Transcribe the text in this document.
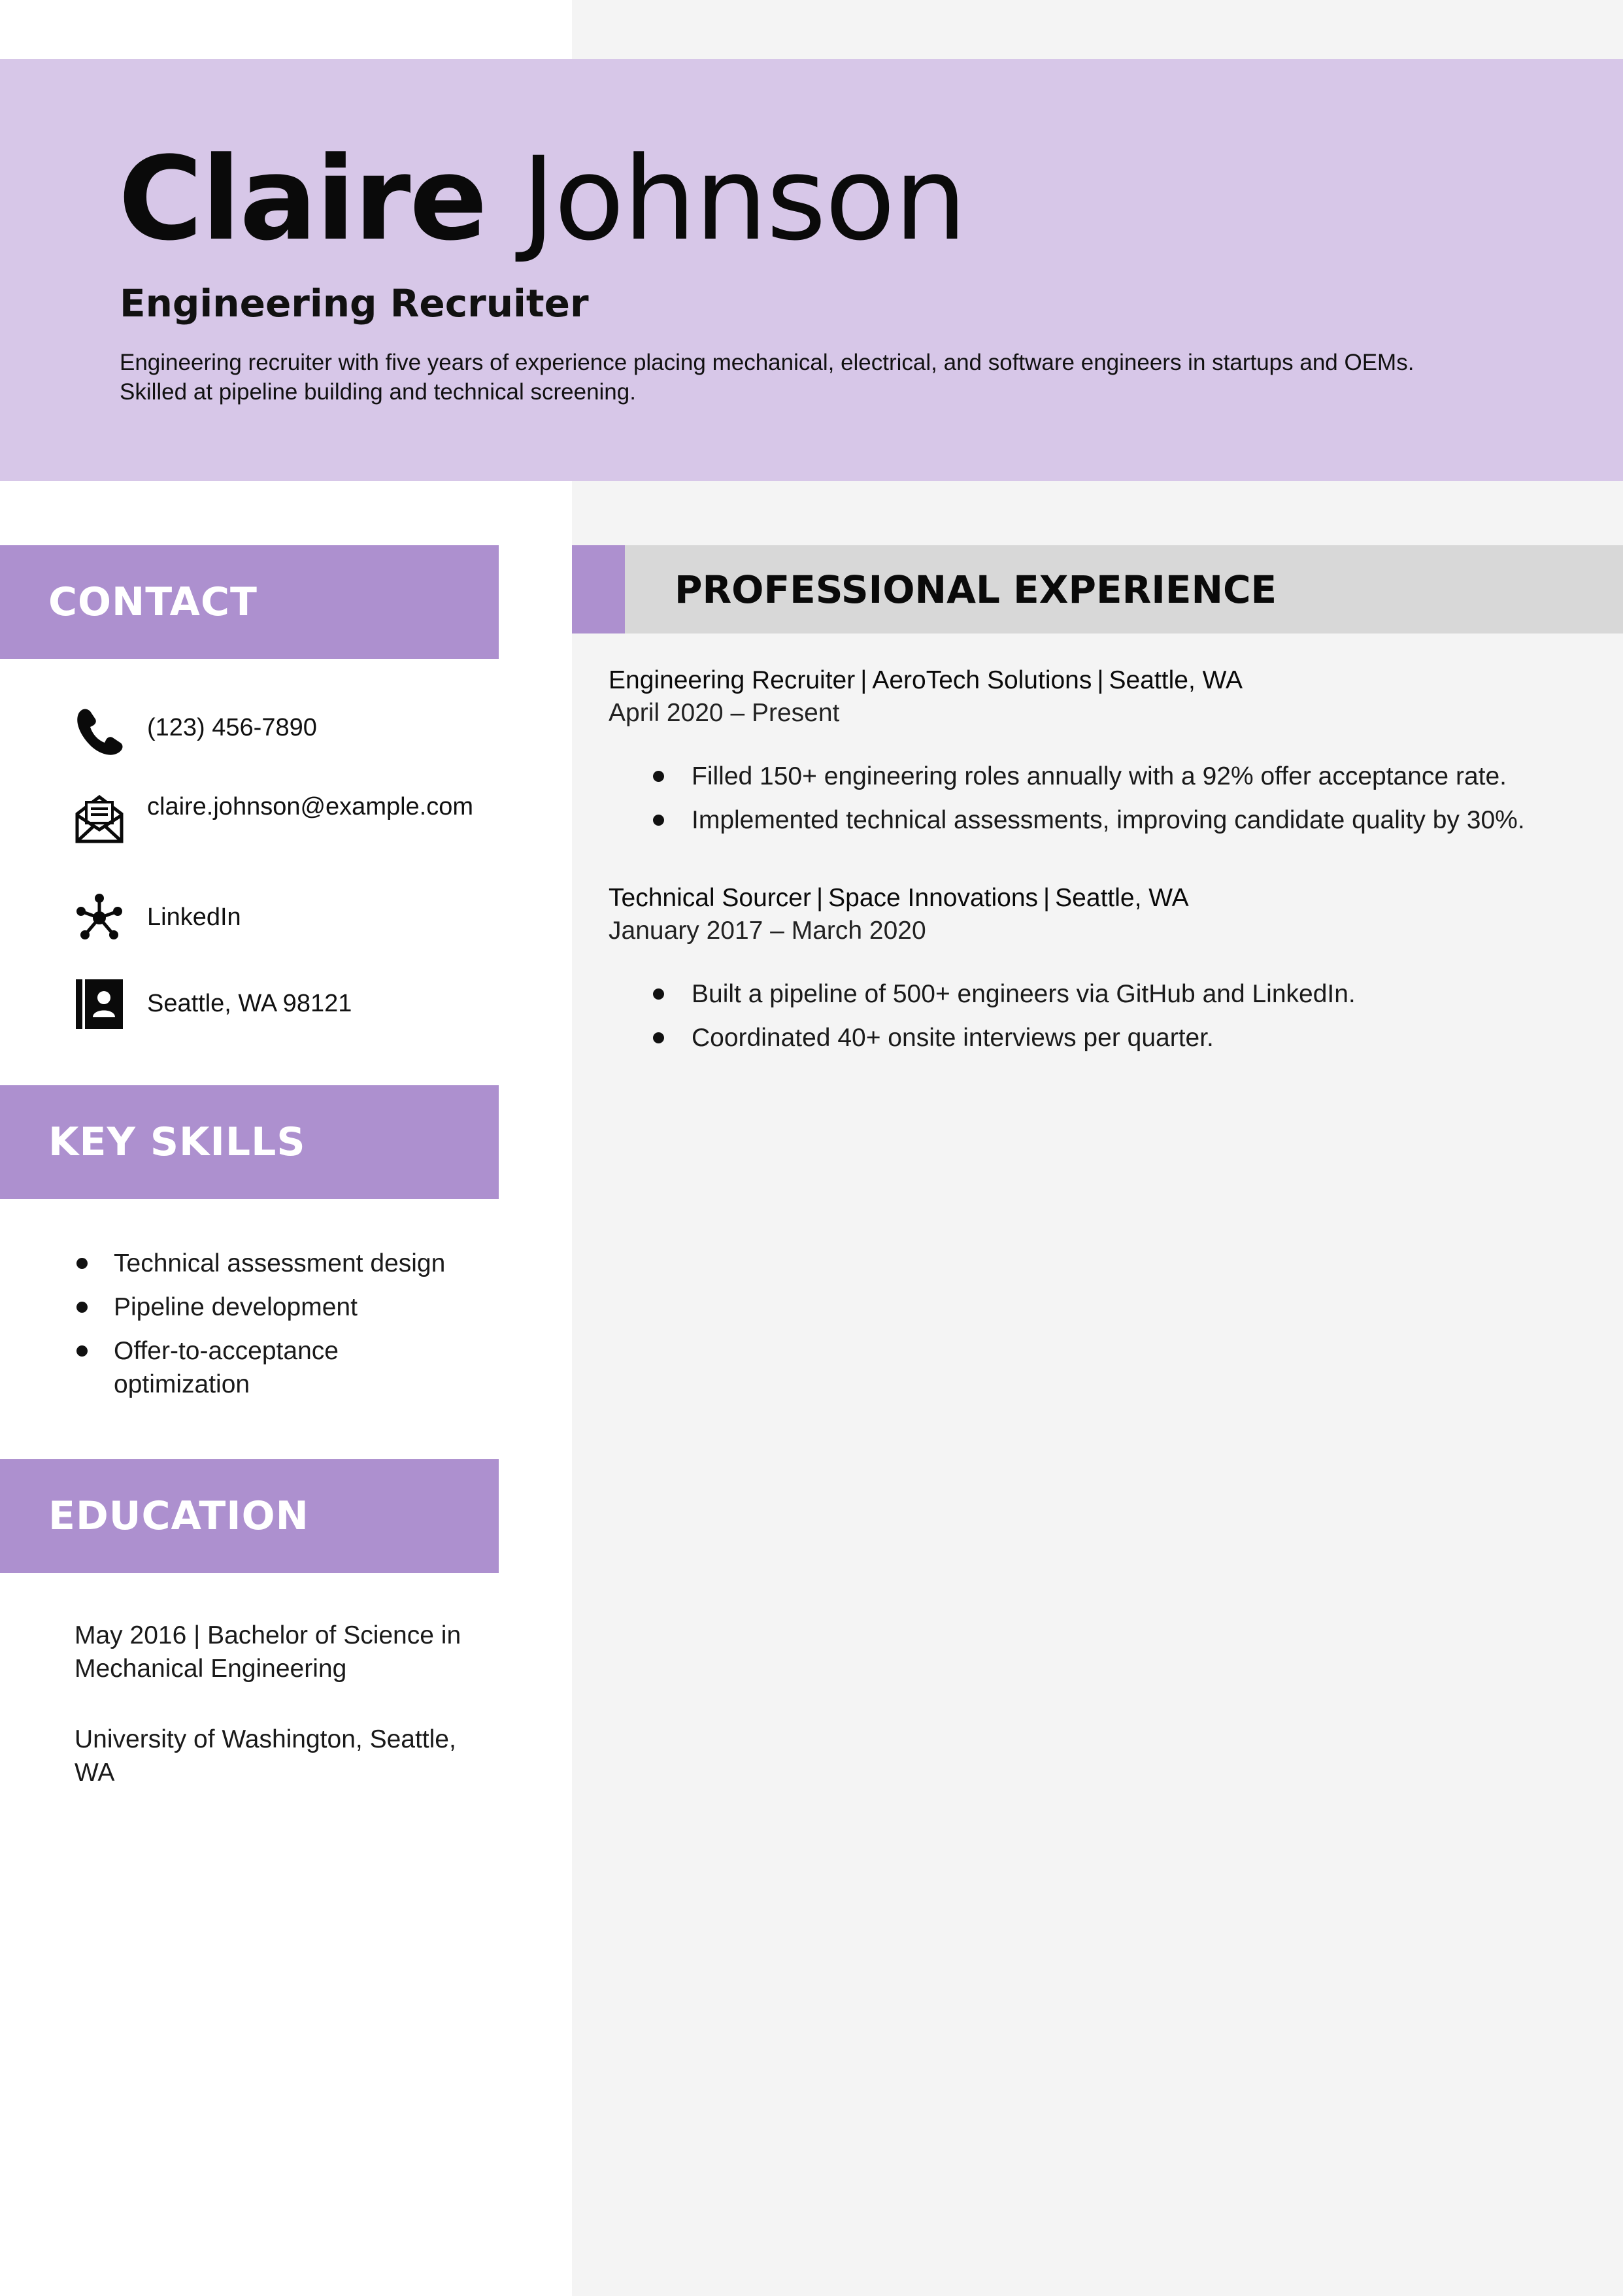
Claire Johnson
Engineering Recruiter
Engineering recruiter with five years of experience placing mechanical, electrical, and software engineers in startups and OEMs.
Skilled at pipeline building and technical screening.
CONTACT
(123) 456-7890
claire.johnson@example.com
LinkedIn
Seattle, WA 98121
KEY SKILLS
Technical assessment design
Pipeline development
Offer-to-acceptance optimization
EDUCATION
May 2016 | Bachelor of Science in Mechanical Engineering
University of Washington, Seattle, WA
PROFESSIONAL EXPERIENCE
Engineering Recruiter | AeroTech Solutions | Seattle, WA
April 2020 – Present
Filled 150+ engineering roles annually with a 92% offer acceptance rate.
Implemented technical assessments, improving candidate quality by 30%.
Technical Sourcer | Space Innovations | Seattle, WA
January 2017 – March 2020
Built a pipeline of 500+ engineers via GitHub and LinkedIn.
Coordinated 40+ onsite interviews per quarter.
